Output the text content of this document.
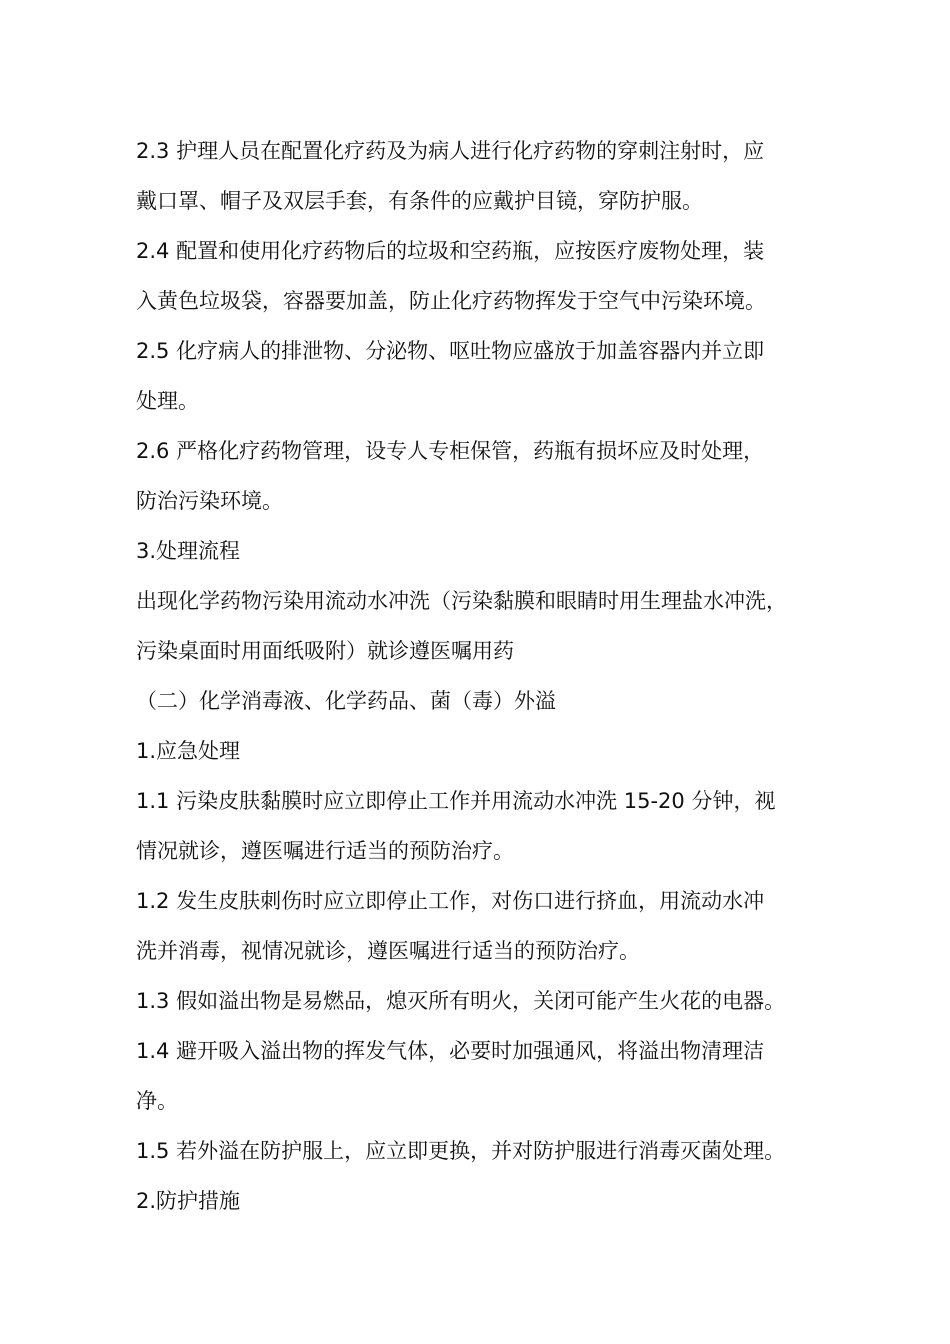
2.3 护理人员在配置化疗药及为病人进行化疗药物的穿刺注射时，应
戴口罩、帽子及双层手套，有条件的应戴护目镜，穿防护服。
2.4 配置和使用化疗药物后的垃圾和空药瓶，应按医疗废物处理，装
入黄色垃圾袋，容器要加盖，防止化疗药物挥发于空气中污染环境。
2.5 化疗病人的排泄物、分泌物、呕吐物应盛放于加盖容器内并立即
处理。
2.6 严格化疗药物管理，设专人专柜保管，药瓶有损坏应及时处理，
防治污染环境。
3.处理流程
出现化学药物污染用流动水冲洗（污染黏膜和眼睛时用生理盐水冲洗，
污染桌面时用面纸吸附）就诊遵医嘱用药
（二）化学消毒液、化学药品、菌（毒）外溢
1.应急处理
1.1 污染皮肤黏膜时应立即停止工作并用流动水冲洗 15-20 分钟，视
情况就诊，遵医嘱进行适当的预防治疗。
1.2 发生皮肤刺伤时应立即停止工作，对伤口进行挤血，用流动水冲
洗并消毒，视情况就诊，遵医嘱进行适当的预防治疗。
1.3 假如溢出物是易燃品，熄灭所有明火，关闭可能产生火花的电器。
1.4 避开吸入溢出物的挥发气体，必要时加强通风，将溢出物清理洁
净。
1.5 若外溢在防护服上，应立即更换，并对防护服进行消毒灭菌处理。
2.防护措施
